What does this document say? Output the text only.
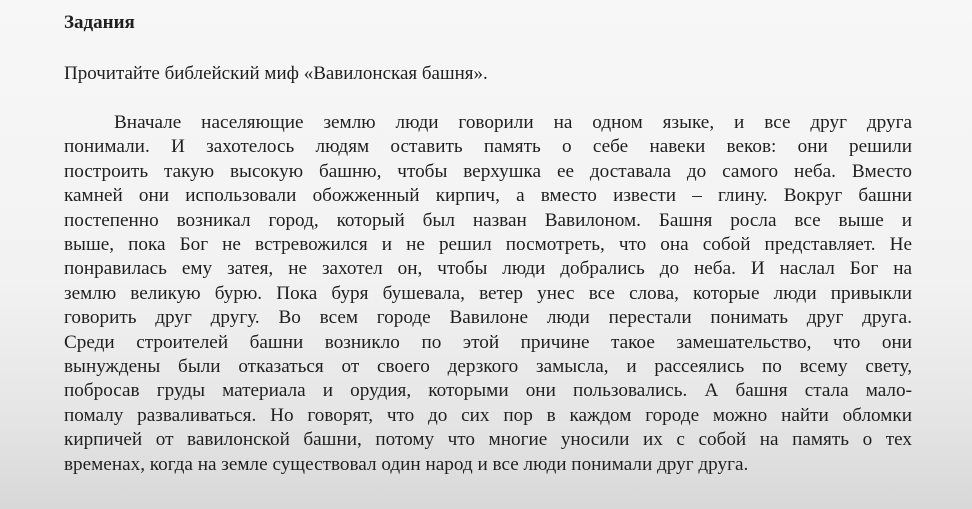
Задания

Прочитайте библейский миф «Вавилонская башня».

Вначале населяющие землю люди говорили на одном языке, и все друг друга
понимали. И захотелось людям оставить память о себе навеки веков: они решили
построить такую высокую башню, чтобы верхушка ее доставала до самого неба. Вместо
камней они использовали обожженный кирпич, а вместо извести – глину. Вокруг башни
постепенно возникал город, который был назван Вавилоном. Башня росла все выше и
выше, пока Бог не встревожился и не решил посмотреть, что она собой представляет. Не
понравилась ему затея, не захотел он, чтобы люди добрались до неба. И наслал Бог на
землю великую бурю. Пока буря бушевала, ветер унес все слова, которые люди привыкли
говорить друг другу. Во всем городе Вавилоне люди перестали понимать друг друга.
Среди строителей башни возникло по этой причине такое замешательство, что они
вынуждены были отказаться от своего дерзкого замысла, и рассеялись по всему свету,
побросав груды материала и орудия, которыми они пользовались. А башня стала мало-
помалу разваливаться. Но говорят, что до сих пор в каждом городе можно найти обломки
кирпичей от вавилонской башни, потому что многие уносили их с собой на память о тех
временах, когда на земле существовал один народ и все люди понимали друг друга.
